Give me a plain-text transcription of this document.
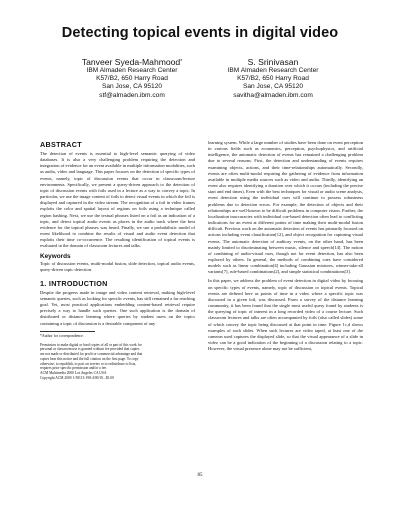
Detecting topical events in digital video
Tanveer Syeda-Mahmood*
IBM Almaden Research Center
K57/B2, 650 Harry Road
San Jose, CA 95120
stf@almaden.ibm.com
S. Srinivasan
IBM Almaden Research Center
K57/B2, 650 Harry Road
San Jose, CA 95120
savitha@almaden.ibm.com
ABSTRACT

The detection of events is essential to high-level semantic querying of video databases. It is also a very challenging problem requiring the detection and integration of evidence for an event available in multiple information modalities, such as audio, video and language. This paper focuses on the detection of specific types of events, namely, topic of discussion events that occur in classroom/lecture environments. Specifically, we present a query-driven approach to the detection of topic of discussion events with foils used in a lecture as a way to convey a topic. In particular, we use the image content of foils to detect visual events in which the foil is displayed and captured in the video stream. The recognition of a foil in video frames exploits the color and spatial layout of regions on foils using a technique called region hashing. Next, we use the textual phrases listed on a foil as an indication of a topic, and detect topical audio events as places in the audio track where the best evidence for the topical phrases was heard. Finally, we use a probabilistic model of event likelihood to combine the results of visual and audio event detection that exploits their time co-occurrence. The resulting identification of topical events is evaluated in the domain of classroom lectures and talks.

Keywords

Topic of discussion events, multi-modal fusion, slide detection, topical audio events, query-driven topic detection.

1. INTRODUCTION

Despite the progress made in image and video content retrieval, making high-level semantic queries, such as looking for specific events, has still remained a far reaching goal. Yet, most practical applications embedding content-based retrieval require precisely a way to handle such queries. One such application is the domain of distributed or distance learning where queries by student users on the topics containing a topic of discussion is a desirable component of any

*Author for correspondence.

Permission to make digital or hard copies of all or part of this work for
personal or classroom use is granted without fee provided that copies
are not made or distributed for profit or commercial advantage and that
copies bear this notice and the full citation on the first page. To copy
otherwise, to republish, to post on servers or to redistribute to lists,
requires prior specific permission and/or a fee.
ACM Multimedia 2000 Los Angeles CA USA
Copyright ACM 2000 1-58113-198-4/00/10...$5.00

learning system. While a large number of studies have been done on event perception in various fields such as economics, perception, psychophysics, and artificial intelligence, the automatic detection of events has remained a challenging problem due to several reasons. First, the detection and understanding of events requires examining objects, actions, and their time-relationships automatically. Secondly, events are often multi-modal requiring the gathering of evidence from information available in multiple media sources such as video and audio. Thirdly, identifying an event also requires identifying a duration over which it occurs (including the precise start and end times). Even with the best techniques for visual or audio scene analysis, event detection using the individual cues will continue to possess robustness problems due to detection errors. For example, the detection of objects and their relationships are well-known to be difficult problems in computer vision. Further, the localization inaccuracies with individual cue-based detection often lead to conflicting indications for an event at different points of time making their multi-modal fusion difficult. Previous work on the automatic detection of events has primarily focused on actions including event classification[12], and object recognition for capturing visual events. The automatic detection of auditory events, on the other hand, has been mainly limited to discriminating between music, silence and speech[14]. The notion of combining of audio-visual cues, though not for event detection, has also been explored by others. In general, the methods of combining cues have considered models such as linear combination[4] including Gaussian mixtures, winner-take-all variants[7], rule-based combinations[2], and simple statistical combinations[3].

In this paper, we address the problem of event detection in digital video by focusing on specific types of events, namely, topic of discussion or topical events. Topical events are defined here as points of time in a video where a specific topic was discussed in a given foil, was discussed. From a survey of the distance learning community, it has been found that the single most useful query found by students is the querying of topic of interest in a long recorded video of a course lecture. Such classroom lectures and talks are often accompanied by foils (also called slides) some of which convey the topic being discussed at that point in time. Figure 1c,d shows examples of such slides. When such lectures are video taped, at least one of the cameras used captures the displayed slide, so that the visual appearance of a slide in video can be a good indication of the beginning of a discussion relating to a topic. However, the visual presence alone may not be sufficient,

85
